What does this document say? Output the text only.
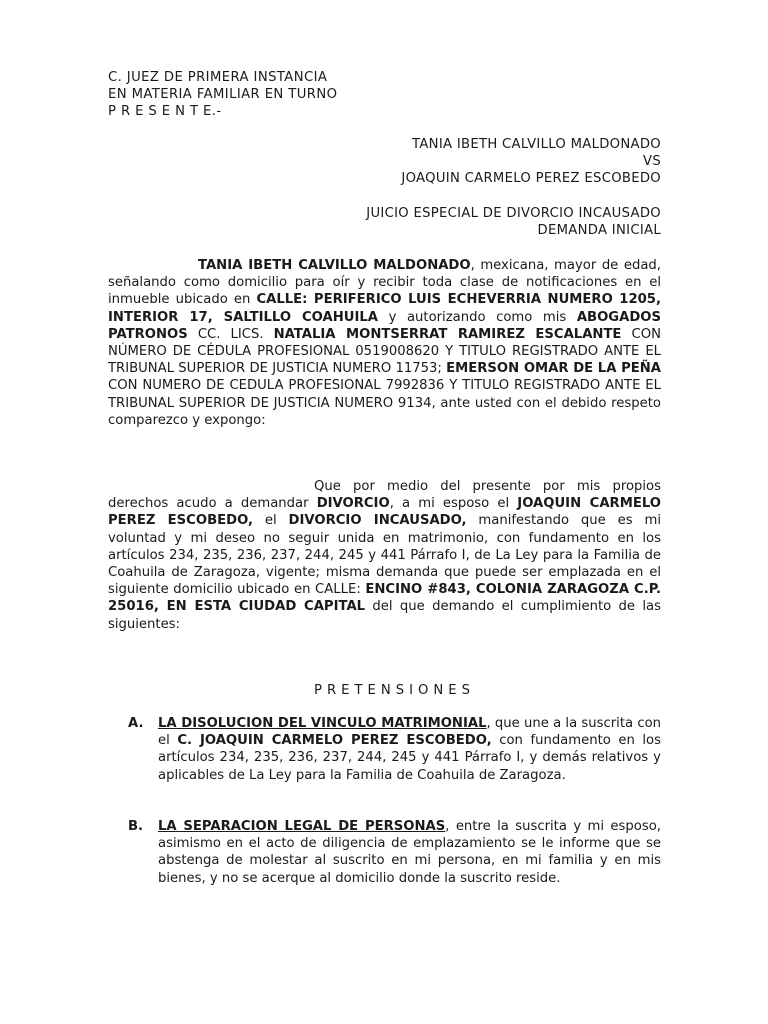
C. JUEZ DE PRIMERA INSTANCIA
EN MATERIA FAMILIAR EN TURNO
P R E S E N T E.-
TANIA IBETH CALVILLO MALDONADO
VS
JOAQUIN CARMELO PEREZ ESCOBEDO
JUICIO ESPECIAL DE DIVORCIO INCAUSADO
DEMANDA INICIAL
TANIA IBETH CALVILLO MALDONADO, mexicana, mayor de edad, señalando como domicilio para oír y recibir toda clase de notificaciones en el inmueble ubicado en CALLE: PERIFERICO LUIS ECHEVERRIA NUMERO 1205, INTERIOR 17, SALTILLO COAHUILA y autorizando como mis ABOGADOS PATRONOS CC. LICS. NATALIA MONTSERRAT RAMIREZ ESCALANTE CON NÚMERO DE CÉDULA PROFESIONAL 0519008620 Y TITULO REGISTRADO ANTE EL TRIBUNAL SUPERIOR DE JUSTICIA NUMERO 11753; EMERSON OMAR DE LA PEÑA CON NUMERO DE CEDULA PROFESIONAL 7992836 Y TITULO REGISTRADO ANTE EL TRIBUNAL SUPERIOR DE JUSTICIA NUMERO 9134, ante usted con el debido respeto comparezco y expongo:
Que por medio del presente por mis propios derechos acudo a demandar DIVORCIO, a mi esposo el JOAQUIN CARMELO PEREZ ESCOBEDO, el DIVORCIO INCAUSADO, manifestando que es mi voluntad y mi deseo no seguir unida en matrimonio, con fundamento en los artículos 234, 235, 236, 237, 244, 245 y 441 Párrafo I, de La Ley para la Familia de Coahuila de Zaragoza, vigente; misma demanda que puede ser emplazada en el siguiente domicilio ubicado en CALLE: ENCINO #843, COLONIA ZARAGOZA C.P. 25016, EN ESTA CIUDAD CAPITAL del que demando el cumplimiento de las siguientes:
PRETENSIONES
A. LA DISOLUCION DEL VINCULO MATRIMONIAL, que une a la suscrita con el C. JOAQUIN CARMELO PEREZ ESCOBEDO, con fundamento en los artículos 234, 235, 236, 237, 244, 245 y 441 Párrafo I, y demás relativos y aplicables de La Ley para la Familia de Coahuila de Zaragoza.
B. LA SEPARACION LEGAL DE PERSONAS, entre la suscrita y mi esposo, asimismo en el acto de diligencia de emplazamiento se le informe que se abstenga de molestar al suscrito en mi persona, en mi familia y en mis bienes, y no se acerque al domicilio donde la suscrito reside.
